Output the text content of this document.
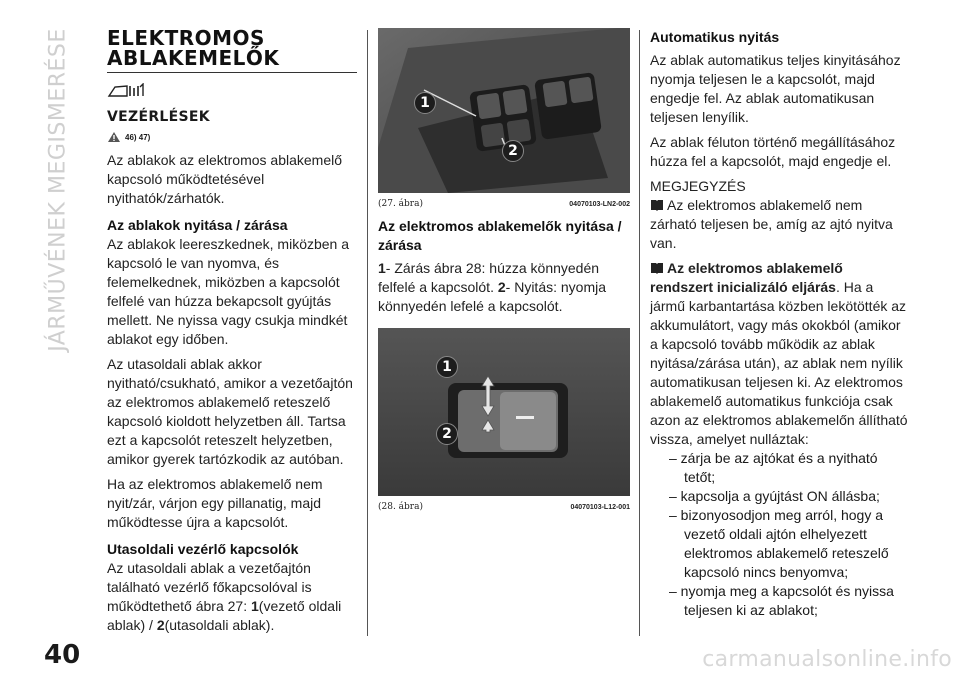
JÁRMŰVÉNEK MEGISMERÉSE
40
ELEKTROMOS
ABLAKEMELŐK
VEZÉRLÉSEK
46) 47)

Az ablakok az elektromos ablakemelő kapcsoló működtetésével nyithatók/zárhatók.

Az ablakok nyitása / zárása

Az ablakok leereszkednek, miközben a kapcsoló le van nyomva, és felemelkednek, miközben a kapcsolót felfelé van húzza bekapcsolt gyújtás mellett. Ne nyissa vagy csukja mindkét ablakot egy időben.

Az utasoldali ablak akkor nyitható/csukható, amikor a vezetőajtón az elektromos ablakemelő reteszelő kapcsoló kioldott helyzetben áll. Tartsa ezt a kapcsolót reteszelt helyzetben, amikor gyerek tartózkodik az autóban.

Ha az elektromos ablakemelő nem nyit/zár, várjon egy pillanatig, majd működtesse újra a kapcsolót.

Utasoldali vezérlő kapcsolók

Az utasoldali ablak a vezetőajtón található vezérlő főkapcsolóval is működtethető ábra 27: 1(vezető oldali ablak) / 2(utasoldali ablak).

1
2
(27. ábra)	04070103-LN2-002
Az elektromos ablakemelők nyitása / zárása

1- Zárás ábra 28: húzza könnyedén felfelé a kapcsolót. 2- Nyitás: nyomja könnyedén lefelé a kapcsolót.

1
2
(28. ábra)	04070103-L12-001
Automatikus nyitás

Az ablak automatikus teljes kinyitásához nyomja teljesen le a kapcsolót, majd engedje fel. Az ablak automatikusan teljesen lenyílik.

Az ablak féluton történő megállításához húzza fel a kapcsolót, majd engedje el.

MEGJEGYZÉS

Az elektromos ablakemelő nem zárható teljesen be, amíg az ajtó nyitva van.

Az elektromos ablakemelő rendszert inicializáló eljárás. Ha a jármű karbantartása közben lekötötték az akkumulátort, vagy más okokból (amikor a kapcsoló tovább működik az ablak nyitása/zárása után), az ablak nem nyílik automatikusan teljesen ki. Az elektromos ablakemelő automatikus funkciója csak azon az elektromos ablakemelőn állítható vissza, amelyet nulláztak:

– zárja be az ajtókat és a nyitható tetőt;
– kapcsolja a gyújtást ON állásba;
– bizonyosodjon meg arról, hogy a vezető oldali ajtón elhelyezett elektromos ablakemelő reteszelő kapcsoló nincs benyomva;
– nyomja meg a kapcsolót és nyissa teljesen ki az ablakot;
carmanualsonline.info
